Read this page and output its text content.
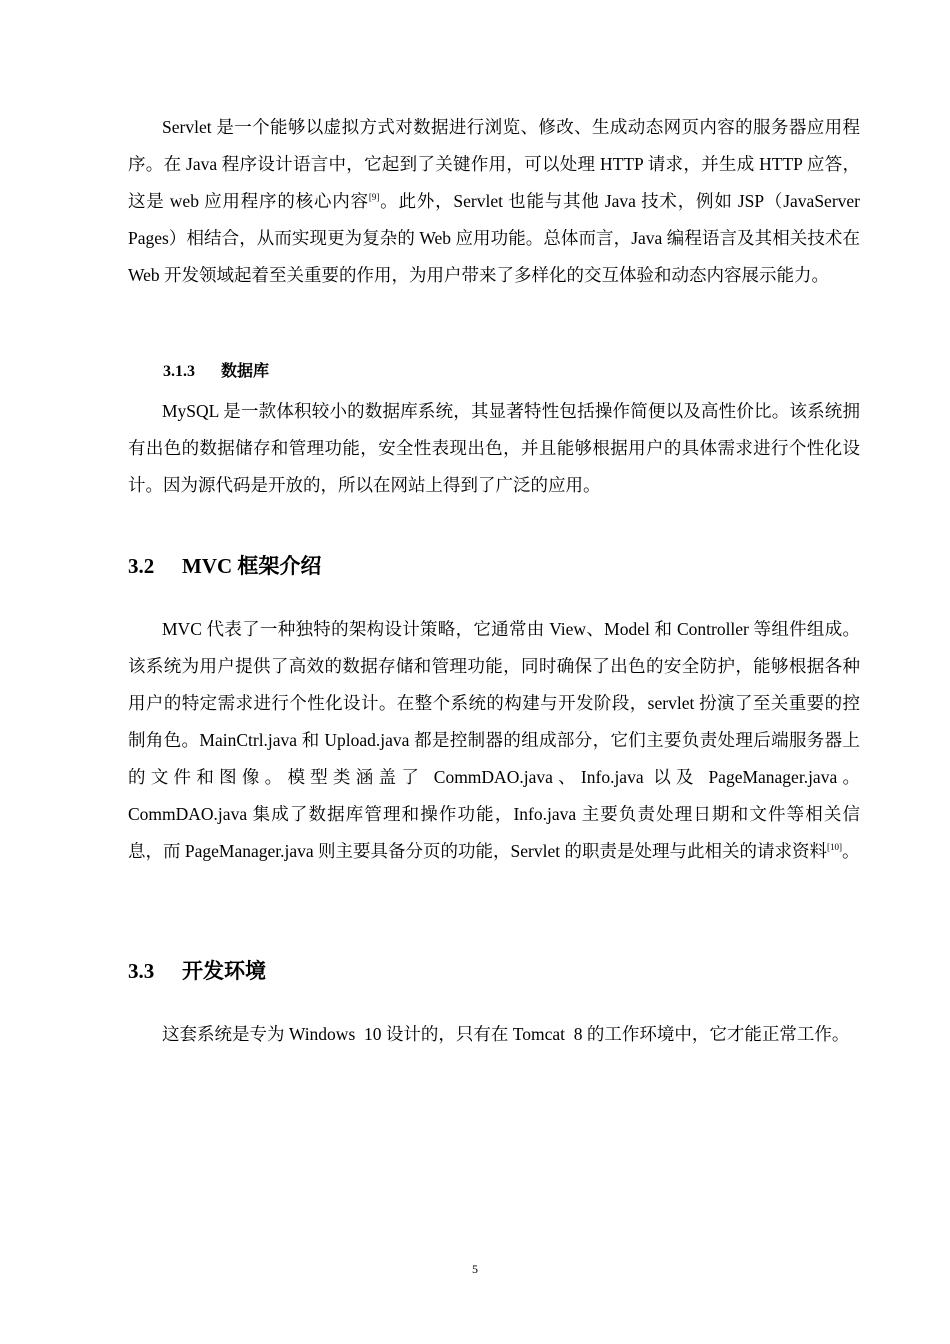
Servlet 是一个能够以虚拟方式对数据进行浏览、修改、生成动态网页内容的服务器应用程序。在 Java 程序设计语言中，它起到了关键作用，可以处理 HTTP 请求，并生成 HTTP 应答，这是 web 应用程序的核心内容[9]。此外，Servlet 也能与其他 Java 技术，例如 JSP（JavaServer Pages）相结合，从而实现更为复杂的 Web 应用功能。总体而言，Java 编程语言及其相关技术在 Web 开发领域起着至关重要的作用，为用户带来了多样化的交互体验和动态内容展示能力。

3.1.3 数据库

MySQL 是一款体积较小的数据库系统，其显著特性包括操作简便以及高性价比。该系统拥有出色的数据储存和管理功能，安全性表现出色，并且能够根据用户的具体需求进行个性化设计。因为源代码是开放的，所以在网站上得到了广泛的应用。

3.2 MVC 框架介绍

MVC 代表了一种独特的架构设计策略，它通常由 View、Model 和 Controller 等组件组成。该系统为用户提供了高效的数据存储和管理功能，同时确保了出色的安全防护，能够根据各种用户的特定需求进行个性化设计。在整个系统的构建与开发阶段，servlet 扮演了至关重要的控制角色。MainCtrl.java 和 Upload.java 都是控制器的组成部分，它们主要负责处理后端服务器上的文件和图像。模型类涵盖了 CommDAO.java、Info.java 以及 PageManager.java。CommDAO.java 集成了数据库管理和操作功能，Info.java 主要负责处理日期和文件等相关信息，而 PageManager.java 则主要具备分页的功能，Servlet 的职责是处理与此相关的请求资料[10]。

3.3 开发环境

这套系统是专为 Windows  10 设计的，只有在 Tomcat  8 的工作环境中，它才能正常工作。

5
